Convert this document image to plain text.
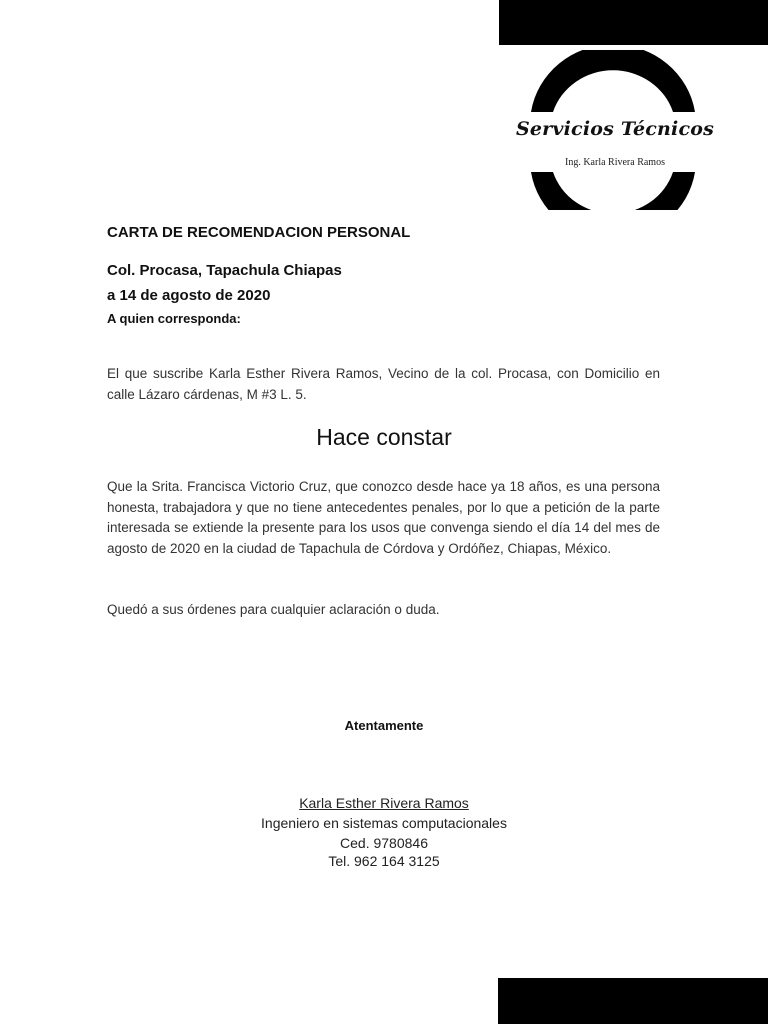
Servicios Técnicos
Ing. Karla Rivera Ramos
CARTA DE RECOMENDACION PERSONAL
Col. Procasa, Tapachula Chiapas
a 14 de agosto de 2020
A quien corresponda:
El que suscribe Karla Esther Rivera Ramos, Vecino de la col. Procasa, con Domicilio en calle Lázaro cárdenas, M #3 L. 5.
Hace constar
Que la Srita. Francisca Victorio Cruz, que conozco desde hace ya 18 años, es una persona honesta, trabajadora y que no tiene antecedentes penales, por lo que a petición de la parte interesada se extiende la presente para los usos que convenga siendo el día 14 del mes de agosto de 2020 en la ciudad de Tapachula de Córdova y Ordóñez, Chiapas, México.
Quedó a sus órdenes para cualquier aclaración o duda.
Atentamente
Karla Esther Rivera Ramos
Ingeniero en sistemas computacionales
Ced. 9780846
Tel. 962 164 3125
